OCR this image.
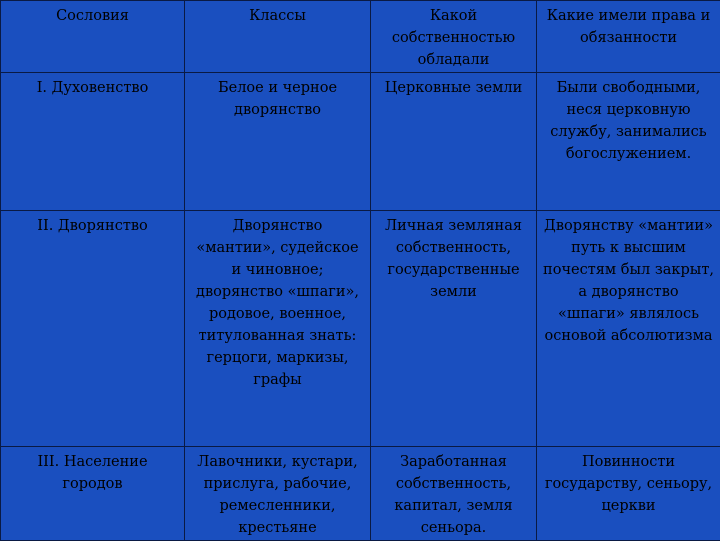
Сословия	Классы	Какой собственностью обладали	Какие имели права и обязанности
I. Духовенство	Белое и черное дворянство	Церковные земли	Были свободными, неся церковную службу, занимались богослужением.
II. Дворянство	Дворянство «мантии», судейское и чиновное; дворянство «шпаги», родовое, военное, титулованная знать: герцоги, маркизы, графы	Личная земляная собственность, государственные земли	Дворянству «мантии» путь к высшим почестям был закрыт, а дворянство «шпаги» являлось основой абсолютизма
III. Население городов	Лавочники, кустари, прислуга, рабочие, ремесленники, крестьяне	Заработанная собственность, капитал, земля сеньора.	Повинности государству, сеньору, церкви
